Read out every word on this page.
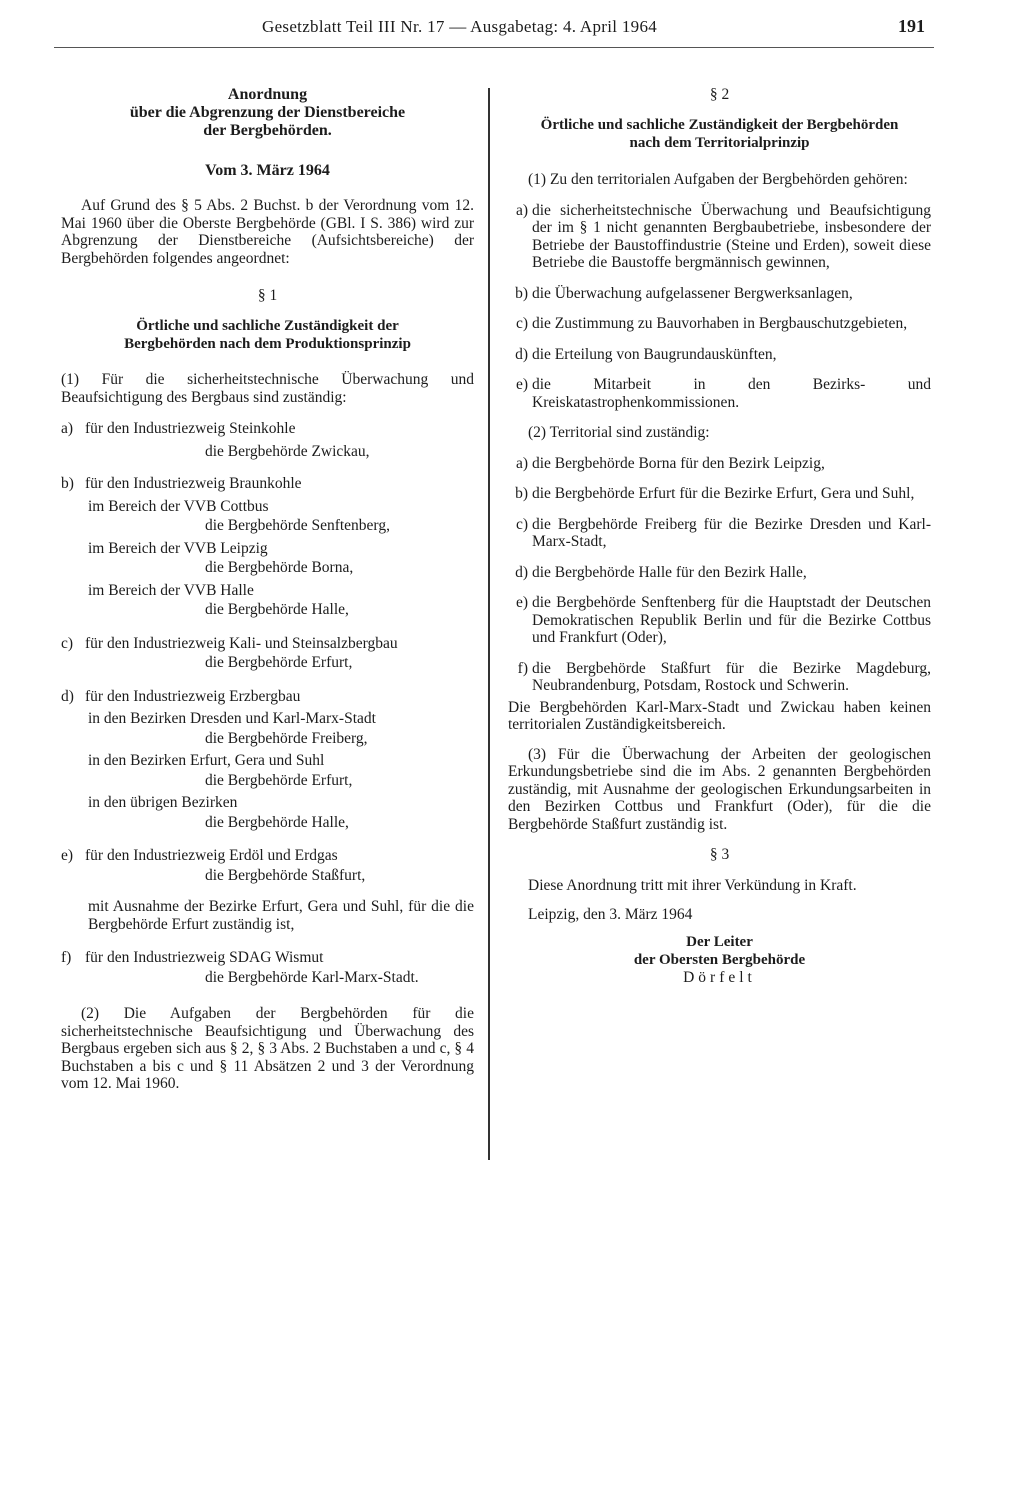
Gesetzblatt Teil III Nr. 17 — Ausgabetag: 4. April 1964	191
Anordnung
über die Abgrenzung der Dienstbereiche
der Bergbehörden.
Vom 3. März 1964

Auf Grund des § 5 Abs. 2 Buchst. b der Verordnung vom 12. Mai 1960 über die Oberste Bergbehörde (GBl. I S. 386) wird zur Abgrenzung der Dienstbereiche (Aufsichtsbereiche) der Bergbehörden folgendes angeordnet:

§ 1
Örtliche und sachliche Zuständigkeit der
Bergbehörden nach dem Produktionsprinzip

(1) Für die sicherheitstechnische Überwachung und Beaufsichtigung des Bergbaus sind zuständig:

a) für den Industriezweig Steinkohle
die Bergbehörde Zwickau,
b) für den Industriezweig Braunkohle
im Bereich der VVB Cottbus
die Bergbehörde Senftenberg,
im Bereich der VVB Leipzig
die Bergbehörde Borna,
im Bereich der VVB Halle
die Bergbehörde Halle,
c) für den Industriezweig Kali- und Steinsalzbergbau
die Bergbehörde Erfurt,
d) für den Industriezweig Erzbergbau
in den Bezirken Dresden und Karl-Marx-Stadt
die Bergbehörde Freiberg,
in den Bezirken Erfurt, Gera und Suhl
die Bergbehörde Erfurt,
in den übrigen Bezirken
die Bergbehörde Halle,
e) für den Industriezweig Erdöl und Erdgas
die Bergbehörde Staßfurt,
mit Ausnahme der Bezirke Erfurt, Gera und Suhl, für die die Bergbehörde Erfurt zuständig ist,
f) für den Industriezweig SDAG Wismut
die Bergbehörde Karl-Marx-Stadt.

(2) Die Aufgaben der Bergbehörden für die sicherheitstechnische Beaufsichtigung und Überwachung des Bergbaus ergeben sich aus § 2, § 3 Abs. 2 Buchstaben a und c, § 4 Buchstaben a bis c und § 11 Absätzen 2 und 3 der Verordnung vom 12. Mai 1960.

§ 2
Örtliche und sachliche Zuständigkeit der Bergbehörden
nach dem Territorialprinzip

(1) Zu den territorialen Aufgaben der Bergbehörden gehören:

a) die sicherheitstechnische Überwachung und Beaufsichtigung der im § 1 nicht genannten Bergbaubetriebe, insbesondere der Betriebe der Baustoffindustrie (Steine und Erden), soweit diese Betriebe die Baustoffe bergmännisch gewinnen,
b) die Überwachung aufgelassener Bergwerksanlagen,
c) die Zustimmung zu Bauvorhaben in Bergbauschutzgebieten,
d) die Erteilung von Baugrundauskünften,
e) die Mitarbeit in den Bezirks- und Kreiskatastrophenkommissionen.

(2) Territorial sind zuständig:

a) die Bergbehörde Borna für den Bezirk Leipzig,
b) die Bergbehörde Erfurt für die Bezirke Erfurt, Gera und Suhl,
c) die Bergbehörde Freiberg für die Bezirke Dresden und Karl-Marx-Stadt,
d) die Bergbehörde Halle für den Bezirk Halle,
e) die Bergbehörde Senftenberg für die Hauptstadt der Deutschen Demokratischen Republik Berlin und für die Bezirke Cottbus und Frankfurt (Oder),
f) die Bergbehörde Staßfurt für die Bezirke Magdeburg, Neubrandenburg, Potsdam, Rostock und Schwerin.

Die Bergbehörden Karl-Marx-Stadt und Zwickau haben keinen territorialen Zuständigkeitsbereich.

(3) Für die Überwachung der Arbeiten der geologischen Erkundungsbetriebe sind die im Abs. 2 genannten Bergbehörden zuständig, mit Ausnahme der geologischen Erkundungsarbeiten in den Bezirken Cottbus und Frankfurt (Oder), für die die Bergbehörde Staßfurt zuständig ist.

§ 3

Diese Anordnung tritt mit ihrer Verkündung in Kraft.

Leipzig, den 3. März 1964

Der Leiter
der Obersten Bergbehörde
Dörfelt
